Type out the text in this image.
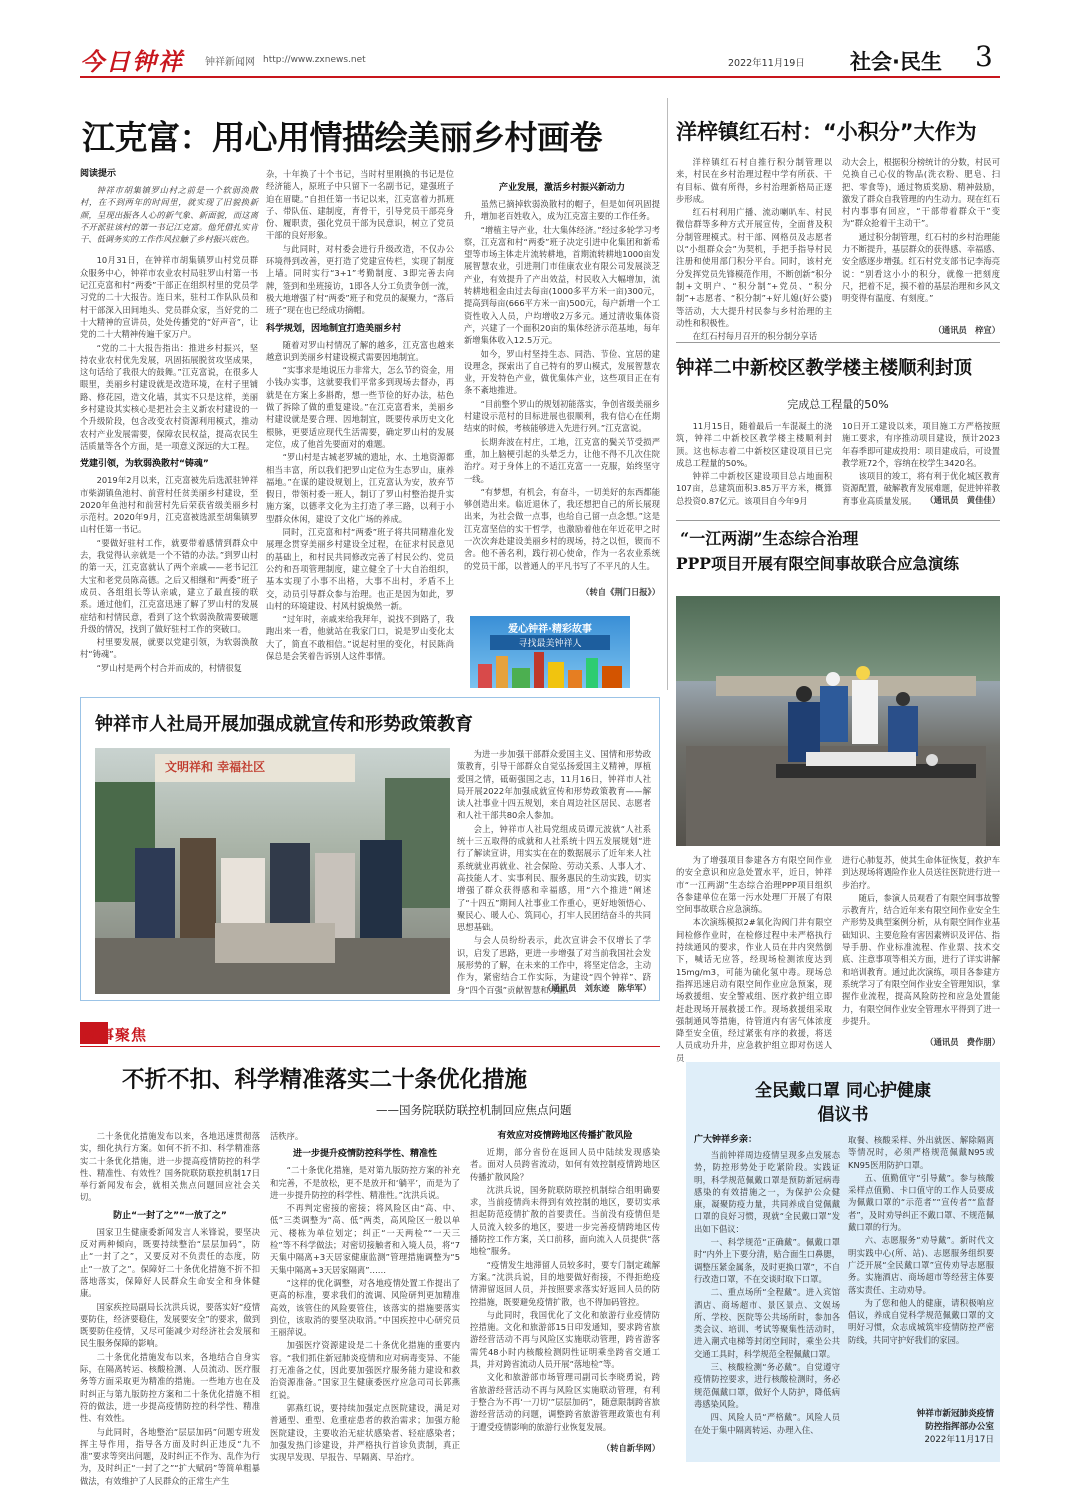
今日钟祥 钟祥新闻网 http://www.zxnews.net	2022年11月19日 社会·民生 3
江克富：用心用情描绘美丽乡村画卷
阅读提示

钟祥市胡集镇罗山村之前是一个软弱涣散村，在不到两年的时间里，就实现了旧貌换新颜，呈现出振各人心的新气象、新面貌，而这离不开派驻该村的第一书记江克富。他凭借扎实肯干、低调务实的工作作风拉触了乡村振兴底色。

10月31日，在钟祥市胡集镇罗山村党员群众服务中心，钟祥市农业农村局驻罗山村第一书记江克富和村“两委”干部正在组织村里的党员学习党的二十大报告。连日来，驻村工作队队员和村干部深入田间地头、党员群众家，当好党的二十大精神的宣讲员，处处传播党的“好声音”，让党的二十大精神传遍千家万户。

“党的二十大报告指出：推进乡村振兴，坚持农业农村优先发展，巩固拓展脱贫攻坚成果，这句话给了我很大的鼓舞。”江克富说，在很多人眼里，美丽乡村建设就是改造环境，在村子里铺路、修花园，造文化墙，其实不只是这样，美丽乡村建设其实核心是把社会主义新农村建设的一个升级阶段，包含改变农村资源利用模式，推动农村产业发展需要，保障农民权益，提高农民生活质量等各个方面，是一项意义深远的大工程。

党建引领，为软弱涣散村“铸魂”

2019年2月以来，江克富被先后选派驻钟祥市柴湖镇鱼池村、前营村任贫美丽乡村建设，至2020年鱼池村和前营村先后荣获省级美丽乡村示范村。2020年9月，江克富被选派至胡集镇罗山村任第一书记。

“要做好驻村工作，就要带着感情到群众中去，我觉得认亲就是一个不错的办法。”到罗山村的第一天，江克富就认了两个亲戚——老书记江大宝和老党员陈高德。之后又相继和“两委”班子成员、各组组长等认亲戚，建立了最直接的联系。通过他们，江克富迅速了解了罗山村的发展症结和村情民意，看到了这个软弱涣散需要破题升级的情况，找到了做好驻村工作的突破口。

村里要发展，就要以党建引领，为软弱涣散村“铸魂”。

“罗山村是两个村合并而成的，村情很复

杂，十年换了十个书记，当时村里刚换的书记是位经济能人，原班子中只留下一名副书记，建强班子迫在眉睫。”自担任第一书记以来，江克富着力抓班子、带队伍、建制度，育骨干，引导党员干部亮身份、履职责，强化党员干部为民意识，树立了党员干部的良好形象。

与此同时，对村委会进行升级改造，不仅办公环境得到改善，更打造了党建宣传栏，实现了制度上墙。同时实行“3+1”考勤制度、3即完善去向牌，签到和坐班接访，1即各人分工负责争创一流，极大地增强了村“两委”班子和党员的凝聚力，“落后班子”现在也已经成功摘帽。

科学规划，因地制宜打造美丽乡村

随着对罗山村情况了解的越多，江克富也越来越意识到美丽乡村建设模式需要因地制宜。

“实事求是地说压力非常大，怎么节约资金，用小钱办实事，这就要我们平常多到现场去督办，再就是在方案上多斟酌，想一些节俭的好办法，枯色做了拆除了做的重复建设。”在江克富看来，美丽乡村建设就是要合理、因地制宜，既要传承历史文化根脉，更要适应现代生活需要，确定罗山村的发展定位，成了他首先要面对的难题。

“罗山村是古城老罗城的遗址，水、土地资源都相当丰富，所以我们把罗山定位为生态罗山，康养福地。”在谋的建设规划上，江克富认为安，放弃节假日，带领村委一班人，制订了罗山村整治提升实施方案，以德孝文化为主打造了孝三路，以利于小型群众休闲，建设了文化广场的养成。

同时，江克富和村“两委”班子将共同精准化发展理念贯穿美丽乡村建设全过程，在征求村民意见的基础上，和村民共同修改完善了村民公约、党员公约和吾项管理制度，建立健全了十大自治组织，基本实现了小事不出格，大事不出村，矛盾不上交，动员引导群众参与治理。也正是因为如此，罗山村的环境建设、村风村貌焕然一新。

“过年时，亲戚来给我拜年，说找不到路了，我跑出来一看，他就站在我家门口，说是罗山变化太大了，简直不敢相信。”说起村里的变化，村民陈尚保总是会笑着告诉别人这件事情。

产业发展，激活乡村振兴新动力

虽然已摘掉软弱涣散村的帽子，但是如何巩固提升，增加老百姓收入，成为江克富主要的工作任务。

“增植主导产业，壮大集体经济。”经过多轮学习考察，江克富和村“两委”班子决定引进中化集团和新希望等市场主体走片流转耕地，首期流转耕地1000亩发展智慧农业，引进荆门市佳康农业有限公司发展淡芝产业，有效提升了产出效益，村民收入大幅增加，流转耕地租金由过去每亩(1000多平方米一亩)300元，提高到每亩(666平方米一亩)500元，每户新增一个工资性收入人员，户均增收2万多元。通过清收集体资产，兴建了一个面积20亩的集体经济示范基地，每年新增集体收入12.5万元。

如今，罗山村坚持生态、同浩、节俭、宜居的建设理念，探索出了自己特有的罗山模式，发展智慧农业，开发特色产业，做优集体产业，这些项目正在有条不紊地推进。

“目前整个罗山的规划初能落实，争创省级美丽乡村建设示范村的目标进展也很顺利，我有信心在任期结束的时候，考核能够进入先进行列。”江克富说。

长期奔波在村庄，工地，江克富的鬓关节受损严重，加上脑梗引起的头晕乏力，让他不得不几次住院治疗。对于身体上的不适江克富一一克服，始终坚守一线。

“有梦想，有机会，有奋斗，一切美好的东西都能够创造出来。临近退休了，我还想把自己的所长展现出来，为社会做一点事，也给自己留一点念想。”这是江克富坚信的实干哲学，也激励着他在年近花甲之时一次次奔赴建设美丽乡村的现场，持之以恒，锲而不舍。他不善名利，践行初心使命，作为一名农业系统的党员干部，以普通人的平凡书写了不平凡的人生。

（转自《荆门日报》）
爱心钟祥·精彩故事
寻找最美钟祥人
洋梓镇红石村：“小积分”大作为

洋梓镇红石村自推行积分制管理以来，村民在乡村治理过程中学有所获、干有目标、做有所得，乡村治理新格局正逐步形成。

红石村利用广播、流动喇叭车、村民微信群等多种方式开展宣传，全面普及积分制管理模式。村干部、网格员及志愿者以“小组群众会”为契机，手把手指导村民注册和使用部门积分平台。同时，该村充分发挥党员先锋模范作用，不断创新“积分制+文明户、“积分制”+党员、“积分制”+志愿者、“积分制”+好儿媳(好公婆)等活动，大大提升村民参与乡村治理的主动性和积极性。

在红石村每月召开的积分制分享话

动大会上，根据积分榜统计的分数，村民可兑换自己心仪的物品(洗衣粉、肥皂、扫把、零食等)，通过物质奖励、精神鼓励，激发了群众自我管理的内生动力。现在红石村内事事有回应，“干部带着群众干”变为“群众抢着干主动干”。

通过积分制管理，红石村的乡村治理能力不断提升，基层群众的获得感、幸福感、安全感逐步增强。红石村党支部书记李海亮说：“别看这小小的积分，就像一把刻度尺，把着不足，摸不着的基层治理和乡风文明变得有温度、有刻度。”

（通讯员　梓宣）
钟祥二中新校区教学楼主楼顺利封顶
完成总工程量的50%

11月15日，随着最后一车混凝土的浇筑，钟祥二中新校区教学楼主楼顺利封顶。这也标志着二中新校区建设项目已完成总工程量的50%。

钟祥二中新校区建设项目总占地面积107亩，总建筑面积3.85万平方米，概算总投资0.87亿元。该项目自今年9月

10日开工建设以来，项目施工方严格按照施工要求，有序推动项目建设，预计2023年春季即可建成投用：项目建成后，可设置教学班72个，容纳在校学生3420名。

该项目的竣工，将有利于优化城区教育资源配置，破解教育发展难题，促进钟祥教育事业高质量发展。	（通讯员　黄佳佳）
“一江两湖”生态综合治理
PPP项目开展有限空间事故联合应急演练

为了增强项目参建各方有限空间作业的安全意识和应急处置水平，近日，钟祥市“一江两湖”生态综合治理PPP项目组织各参建单位在第一污水处理厂开展了有限空间事故联合应急演练。

本次演练模拟2#氧化沟阀门井有限空间检修作业时，在检修过程中未严格执行持续通风的要求，作业人员在井内突然倒下，喊话无应答，经现场检测浓度达到15mg/m3，可能为硫化氢中毒。现场总指挥迅速启动有限空间作业应急预案，现场救援组、安全警戒组、医疗救护组立即赶赴现场开展救援工作。现场救援组采取强制通风等措施，待管道内有害气体浓度降至安全值，经过紧张有序的救援，将送人员成功升井，应急救护组立即对伤送人员

进行心肺复苏，使其生命体征恢复，救护车到达现场将遇险作业人员送往医院进行进一步治疗。

随后，参演人员观看了有限空间事故警示教育片，结合近年来有限空间作业安全生产形势及典型案例分析，从有限空间作业基础知识、主要危险有害因素辨识及评估、指导手册、作业标准流程、作业票、技术交底、注意事项等相关方面，进行了详实讲解和培训教育。通过此次演练，项目各参建方系统学习了有限空间作业安全管理知识，掌握作业流程，提高风险防控和应急处置能力，有限空间作业安全管理水平得到了进一步提升。

（通讯员　费作朋）
钟祥市人社局开展加强成就宣传和形势政策教育
文明祥和 幸福社区

为进一步加强干部群众爱国主义、国情和形势政策教育，引导干部群众自觉弘扬爱国主义精神，厚植爱国之情，砥砺强国之志，11月16日，钟祥市人社局开展2022年加强成就宣传和形势政策教育——解读人社事业十四五规划，来自周边社区居民、志愿者和人社干部共80余人参加。

会上，钟祥市人社局党组成员谭元波就“人社系统十三五取得的成就和人社系统十四五发展规划”进行了解读宣讲，用实实在在的数据展示了近年来人社系统就业再就业、社会保险、劳动关系、人事人才、高技能人才、实事利民、服务惠民的生动实践，切实增强了群众获得感和幸福感，用“六个推进”阐述了“十四五”期间人社事业工作重心，更好地领悟心、聚民心、暖人心、筑同心，打牢人民团结奋斗的共同思想基础。

与会人员纷纷表示，此次宣讲会不仅增长了学识，启发了思路，更进一步增强了对当前我国社会发展形势的了解，在未来的工作中，将坚定信念，主动作为，紧密结合工作实际，为建设“四个钟祥”、跻身“四个百强”贡献智慧和力量。

（通讯员　刘东迹　陈华军）
时事聚焦
不折不扣、科学精准落实二十条优化措施
——国务院联防联控机制回应焦点问题

二十条优化措施发布以来，各地迅速贯彻落实，细化执行方案。如何不折不扣、科学精准落实二十条优化措施，进一步提高疫情防控的科学性、精准性、有效性？国务院联防联控机制17日举行新闻发布会，就相关焦点问题回应社会关切。

防止“一封了之”“一放了之”

国家卫生健康委新闻发言人米锋说，要坚决反对两种倾向，既要持续整治“层层加码”，防止“一封了之”，又要反对不负责任的态度，防止“一放了之”。保障好二十条优化措施不折不扣落地落实，保障好人民群众生命安全和身体健康。

国家疾控局副局长沈洪兵说，要落实好“疫情要防住，经济要稳住，发展要安全”的要求，做到既要防住疫情，又尽可能减少对经济社会发展和民生服务保障的影响。

二十条优化措施发布以来，各地结合自身实际，在隔离转运、核酸检测、人员流动、医疗服务等方面采取更为精准的措施。一些地方也在及时纠正与第九版防控方案和二十条优化措施不相符的做法，进一步提高疫情防控的科学性、精准性、有效性。

与此同时，各地整治“层层加码”问题专班发挥主导作用，指导各方面及时纠正违反“九不准”要求等突出问题，及时纠正不作为、乱作为行为，及时纠正“一封了之”“扩大赋码”等简单粗暴做法，有效维护了人民群众的正常生产生

活秩序。

进一步提升疫情防控科学性、精准性

“二十条优化措施，是对第九版防控方案的补充和完善，不是放松，更不是放开和‘躺平’，而是为了进一步提升防控的科学性、精准性。”沈洪兵说。

不再判定密接的密接；将风险区由“高、中、低”三类调整为“高、低”两类，高风险区一般以单元、楼栋为单位划定；纠正“一天两检”“一天三检”等不科学做法；对密切接触者和入境人员，将“7天集中隔离+3天居家健康监测”管理措施调整为“5天集中隔离+3天居家隔离”……

“这样的优化调整，对各地疫情处置工作提出了更高的标准，要求我们的流调、风险研判更加精准高效，该管住的风险要管住，该落实的措施要落实到位，该取消的要坚决取消。”中国疾控中心研究员王丽萍说。

加强医疗资源建设是二十条优化措施的重要内容。“我们抓住新冠肺炎疫情和应对病毒变异、不能打无准备之仗，因此要加强医疗服务能力建设和救治资源准备。”国家卫生健康委医疗应急司司长郭燕红说。

郭燕红说，要持续加强定点医院建设，满足对普通型、重型、危重症患者的救治需求；加强方舱医院建设，主要收治无症状感染者、轻症感染者；加强发热门诊建设，并严格执行首诊负责制，真正实现早发现、早报告、早隔离、早治疗。

有效应对疫情跨地区传播扩散风险

近期，部分省份在返回人员中陆续发现感染者。面对人员跨省流动，如何有效控制疫情跨地区传播扩散风险？

沈洪兵说，国务院联防联控机制综合组明确要求，当前疫情尚未得到有效控制的地区，要切实承担起防范疫情扩散的首要责任。当前没有疫情但是人员流入较多的地区，要进一步完善疫情跨地区传播防控工作方案，关口前移，面向流入人员提供“落地检”服务。

“疫情发生地滞留人员较多时，要专门制定疏解方案。”沈洪兵说，目的地要做好衔接，不得拒绝疫情滞留返回人员，并按照要求落实好返回人员的防控措施，既要避免疫情扩散，也不得加码管控。

与此同时，我国优化了文化和旅游行业疫情防控措施。文化和旅游部15日印发通知，要求跨省旅游经营活动不再与风险区实施联动管理，跨省游客需凭48小时内核酸检测阴性证明乘坐跨省交通工具，并对跨省流动人员开展“落地检”等。

文化和旅游部市场管理司副司长李晓勇说，跨省旅游经营活动不再与风险区实施联动管理，有利于整合为不再‘一刀切’”层层加码”，随意限制跨省旅游经营活动的问题，调整跨省旅游管理政策也有利于遭受疫情影响的旅游行业恢复发展。

（转自新华网）
全民戴口罩 同心护健康
倡议书
广大钟祥乡亲：

当前钟祥周边疫情呈现多点发展态势，防控形势处于吃紧阶段。实践证明，科学规范佩戴口罩是预防新冠病毒感染的有效措施之一，为保护公众健康，凝聚防疫力量，共同养成自觉佩戴口罩的良好习惯，现就“全民戴口罩”发出如下倡议：

一、科学规范“正确戴”。佩戴口罩时“内外上下要分清，贴合面生口鼻腮，调整压紧金属条，及时更换口罩”，不自行改造口罩，不在交谈时取下口罩。

二、重点场所“全程戴”。进入宾馆酒店、商场超市、景区景点、文娱场所、学校、医院等公共场所时，参加各类会议、培训、考试等聚集性活动时，进入潮式电梯等封闭空间时，乘坐公共交通工具时，科学规范全程佩戴口罩。

三、核酸检测“务必戴”。自觉遵守疫情防控要求，进行核酸检测时，务必规范佩戴口罩，做好个人防护，降低病毒感染风险。

四、风险人员“严格戴”。风险人员在处于集中隔离转运、办理入住、

取餐、核酸采样、外出就医、解除隔离等情况时，必须严格规范佩戴N95或KN95医用防护口罩。

五、值勤值守“引导戴”。参与核酸采样点值勤、卡口值守的工作人员要成为佩戴口罩的“示范者”“宣传者”“监督者”，及时劝导纠正不戴口罩、不规范佩戴口罩的行为。

六、志愿服务“劝导戴”。新时代文明实践中心(所、站)、志愿服务组织要广泛开展“全民戴口罩”宣传劝导志愿服务。实施酒店、商场超市等经营主体要落实责任、主动劝导。

为了您和他人的健康，请积极响应倡议，养成自觉科学规范佩戴口罩的文明好习惯，众志成城筑牢疫情防控严密防线，共同守护好我们的家园。

钟祥市新冠肺炎疫情
防控指挥部办公室
2022年11月17日
